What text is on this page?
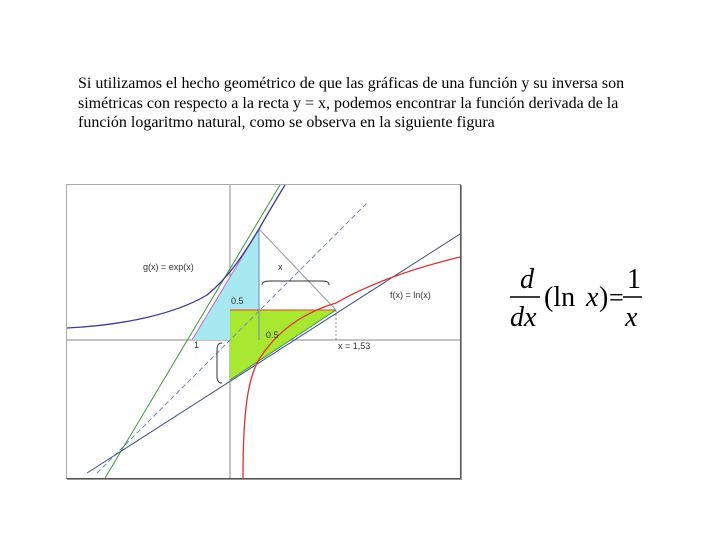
Si utilizamos el hecho geométrico de que las gráficas de una función y su inversa son simétricas con respecto a la recta y = x, podemos encontrar la función derivada de la función logaritmo natural, como se observa en la siguiente figura

g(x) = exp(x)
f(x) = ln(x)
x
0.5
0.5
1	x = 1,53
d
dx
(ln x ) =
1
x
